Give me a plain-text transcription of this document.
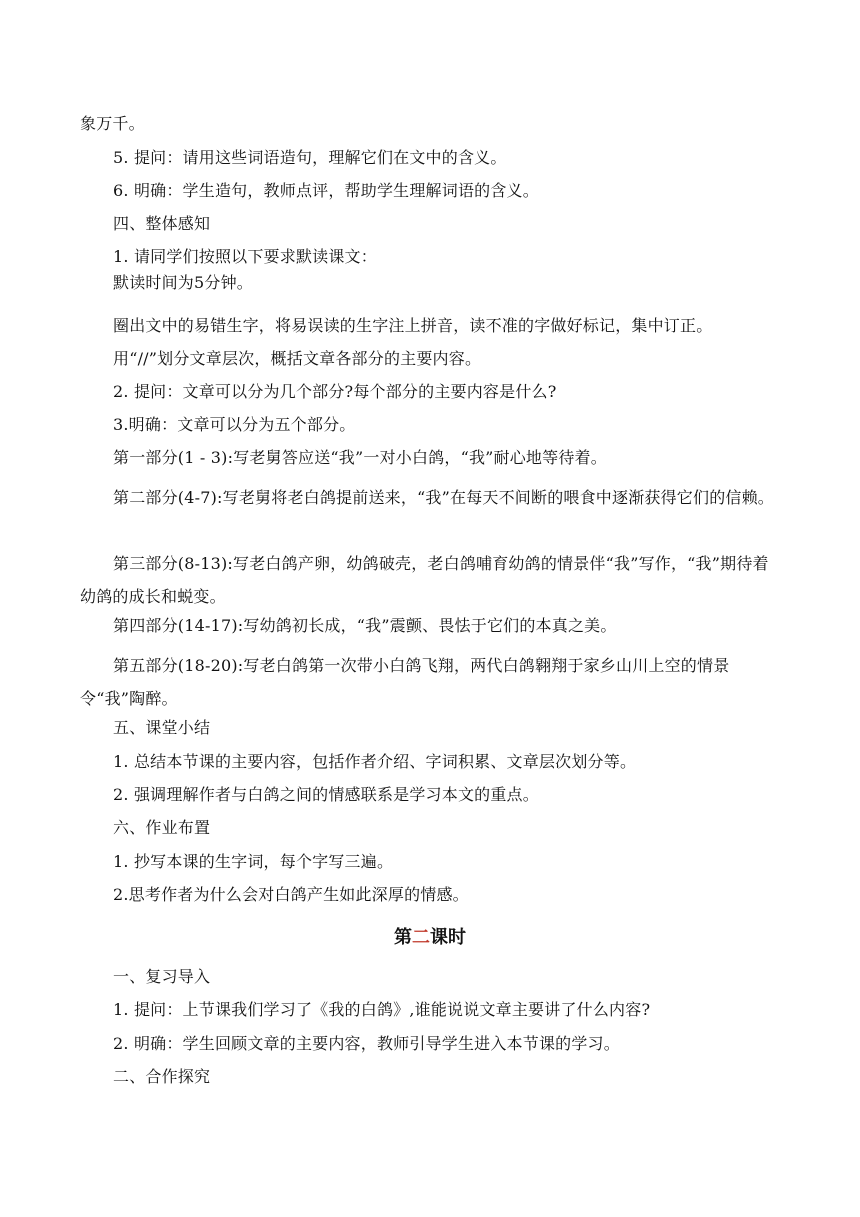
象万千。
5. 提问：请用这些词语造句，理解它们在文中的含义。
6. 明确：学生造句，教师点评，帮助学生理解词语的含义。
四、整体感知
1. 请同学们按照以下要求默读课文：
默读时间为5分钟。
圈出文中的易错生字，将易误读的生字注上拼音，读不准的字做好标记，集中订正。
用“//”划分文章层次，概括文章各部分的主要内容。
2. 提问：文章可以分为几个部分?每个部分的主要内容是什么?
3.明确：文章可以分为五个部分。
第一部分(1 - 3):写老舅答应送“我”一对小白鸽，“我”耐心地等待着。
第二部分(4-7):写老舅将老白鸽提前送来，“我”在每天不间断的喂食中逐渐获得它们的信赖。
第三部分(8-13):写老白鸽产卵，幼鸽破壳，老白鸽哺育幼鸽的情景伴“我”写作，“我”期待着幼鸽的成长和蜕变。
第四部分(14-17):写幼鸽初长成，“我”震颤、畏怯于它们的本真之美。
第五部分(18-20):写老白鸽第一次带小白鸽飞翔，两代白鸽翱翔于家乡山川上空的情景令“我”陶醉。
五、课堂小结
1. 总结本节课的主要内容，包括作者介绍、字词积累、文章层次划分等。
2. 强调理解作者与白鸽之间的情感联系是学习本文的重点。
六、作业布置
1. 抄写本课的生字词，每个字写三遍。
2.思考作者为什么会对白鸽产生如此深厚的情感。
第二课时
一、复习导入
1. 提问：上节课我们学习了《我的白鸽》,谁能说说文章主要讲了什么内容?
2. 明确：学生回顾文章的主要内容，教师引导学生进入本节课的学习。
二、合作探究
